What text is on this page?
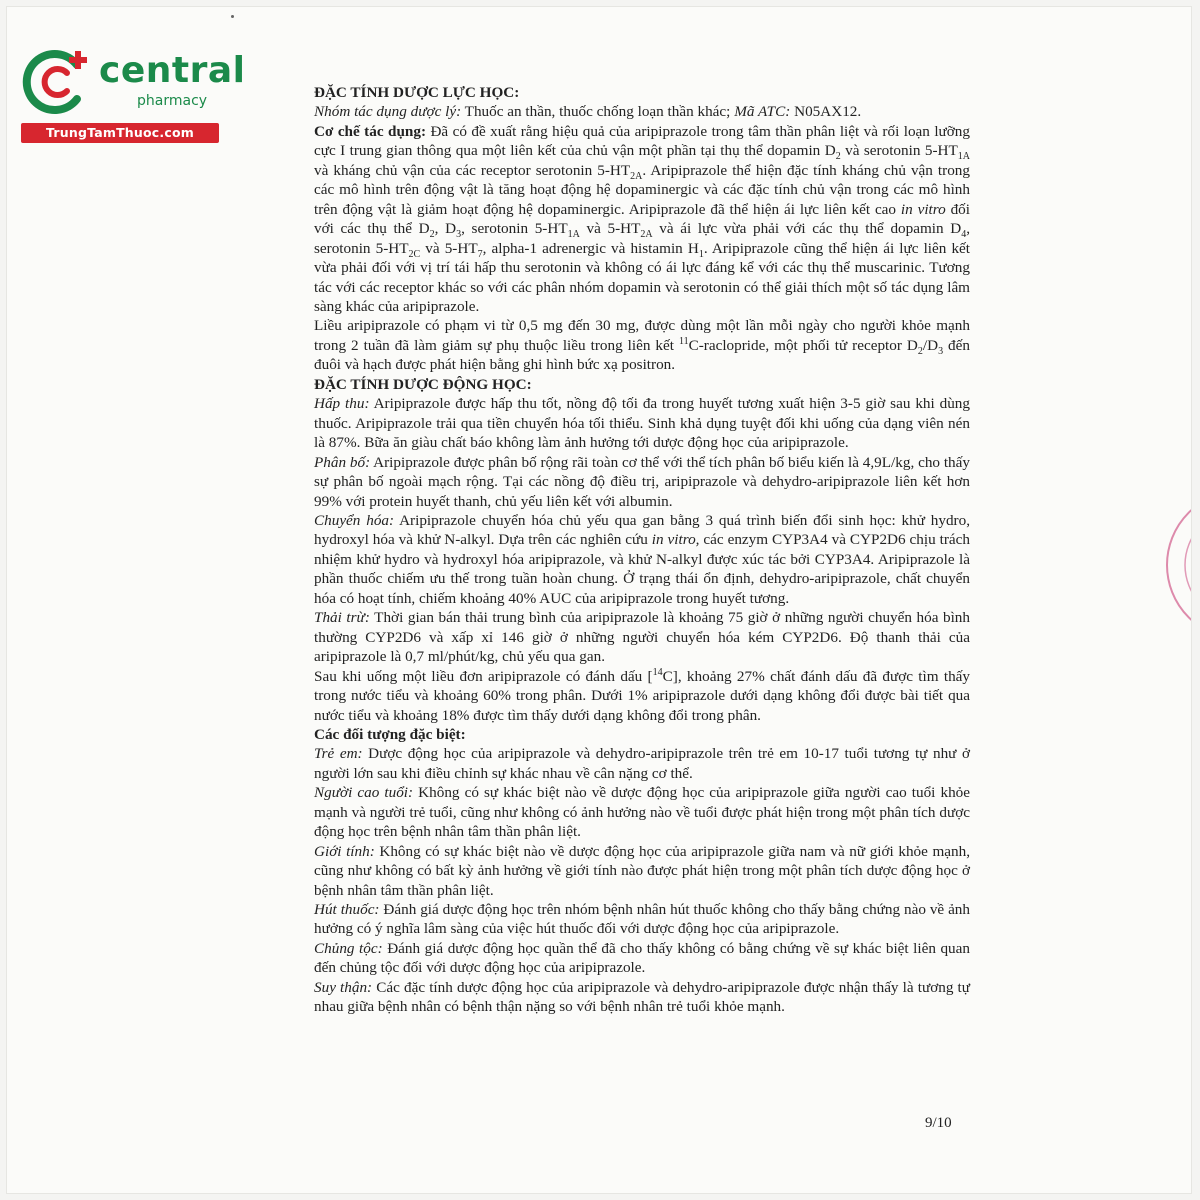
central
pharmacy
TrungTamThuoc.com

ĐẶC TÍNH DƯỢC LỰC HỌC:

Nhóm tác dụng dược lý: Thuốc an thần, thuốc chống loạn thần khác; Mã ATC: N05AX12.

Cơ chế tác dụng: Đã có đề xuất rằng hiệu quả của aripiprazole trong tâm thần phân liệt và rối loạn lưỡng cực I trung gian thông qua một liên kết của chủ vận một phần tại thụ thể dopamin $D_2$ và serotonin $5-HT_{1A}$ và kháng chủ vận của các receptor serotonin $5-HT_{2A}$. Aripiprazole thể hiện đặc tính kháng chủ vận trong các mô hình trên động vật là tăng hoạt động hệ dopaminergic và các đặc tính chủ vận trong các mô hình trên động vật là giảm hoạt động hệ dopaminergic. Aripiprazole đã thể hiện ái lực liên kết cao in vitro đối với các thụ thể $D_2$, $D_3$, serotonin $5-HT_{1A}$ và $5-HT_{2A}$ và ái lực vừa phải với các thụ thể dopamin $D_4$, serotonin $5-HT_{2C}$ và $5-HT_7$, alpha-1 adrenergic và histamin $H_1$. Aripiprazole cũng thể hiện ái lực liên kết vừa phải đối với vị trí tái hấp thu serotonin và không có ái lực đáng kể với các thụ thể muscarinic. Tương tác với các receptor khác so với các phân nhóm dopamin và serotonin có thể giải thích một số tác dụng lâm sàng khác của aripiprazole.

Liều aripiprazole có phạm vi từ 0,5 mg đến 30 mg, được dùng một lần mỗi ngày cho người khỏe mạnh trong 2 tuần đã làm giảm sự phụ thuộc liều trong liên kết $^{11}$C-raclopride, một phối tử receptor $D_2/D_3$ đến đuôi và hạch được phát hiện bằng ghi hình bức xạ positron.

ĐẶC TÍNH DƯỢC ĐỘNG HỌC:

Hấp thu: Aripiprazole được hấp thu tốt, nồng độ tối đa trong huyết tương xuất hiện 3-5 giờ sau khi dùng thuốc. Aripiprazole trải qua tiền chuyển hóa tối thiểu. Sinh khả dụng tuyệt đối khi uống của dạng viên nén là 87%. Bữa ăn giàu chất báo không làm ảnh hưởng tới dược động học của aripiprazole.

Phân bố: Aripiprazole được phân bố rộng rãi toàn cơ thể với thể tích phân bố biểu kiến là 4,9L/kg, cho thấy sự phân bố ngoài mạch rộng. Tại các nồng độ điều trị, aripiprazole và dehydro-aripiprazole liên kết hơn 99% với protein huyết thanh, chủ yếu liên kết với albumin.

Chuyển hóa: Aripiprazole chuyển hóa chủ yếu qua gan bằng 3 quá trình biến đổi sinh học: khử hydro, hydroxyl hóa và khử N-alkyl. Dựa trên các nghiên cứu in vitro, các enzym CYP3A4 và CYP2D6 chịu trách nhiệm khử hydro và hydroxyl hóa aripiprazole, và khử N-alkyl được xúc tác bởi CYP3A4. Aripiprazole là phần thuốc chiếm ưu thế trong tuần hoàn chung. Ở trạng thái ổn định, dehydro-aripiprazole, chất chuyển hóa có hoạt tính, chiếm khoảng 40% AUC của aripiprazole trong huyết tương.

Thải trừ: Thời gian bán thải trung bình của aripiprazole là khoảng 75 giờ ở những người chuyển hóa bình thường CYP2D6 và xấp xỉ 146 giờ ở những người chuyển hóa kém CYP2D6. Độ thanh thải của aripiprazole là 0,7 ml/phút/kg, chủ yếu qua gan.

Sau khi uống một liều đơn aripiprazole có đánh dấu [$^{14}$C], khoảng 27% chất đánh dấu đã được tìm thấy trong nước tiểu và khoảng 60% trong phân. Dưới 1% aripiprazole dưới dạng không đổi được bài tiết qua nước tiểu và khoảng 18% được tìm thấy dưới dạng không đổi trong phân.

Các đối tượng đặc biệt:

Trẻ em: Dược động học của aripiprazole và dehydro-aripiprazole trên trẻ em 10-17 tuổi tương tự như ở người lớn sau khi điều chỉnh sự khác nhau về cân nặng cơ thể.

Người cao tuổi: Không có sự khác biệt nào về dược động học của aripiprazole giữa người cao tuổi khỏe mạnh và người trẻ tuổi, cũng như không có ảnh hưởng nào về tuổi được phát hiện trong một phân tích dược động học trên bệnh nhân tâm thần phân liệt.

Giới tính: Không có sự khác biệt nào về dược động học của aripiprazole giữa nam và nữ giới khỏe mạnh, cũng như không có bất kỳ ảnh hưởng về giới tính nào được phát hiện trong một phân tích dược động học ở bệnh nhân tâm thần phân liệt.

Hút thuốc: Đánh giá dược động học trên nhóm bệnh nhân hút thuốc không cho thấy bằng chứng nào về ảnh hưởng có ý nghĩa lâm sàng của việc hút thuốc đối với dược động học của aripiprazole.

Chủng tộc: Đánh giá dược động học quần thể đã cho thấy không có bằng chứng về sự khác biệt liên quan đến chủng tộc đối với dược động học của aripiprazole.

Suy thận: Các đặc tính dược động học của aripiprazole và dehydro-aripiprazole được nhận thấy là tương tự nhau giữa bệnh nhân có bệnh thận nặng so với bệnh nhân trẻ tuổi khỏe mạnh.

9/10
